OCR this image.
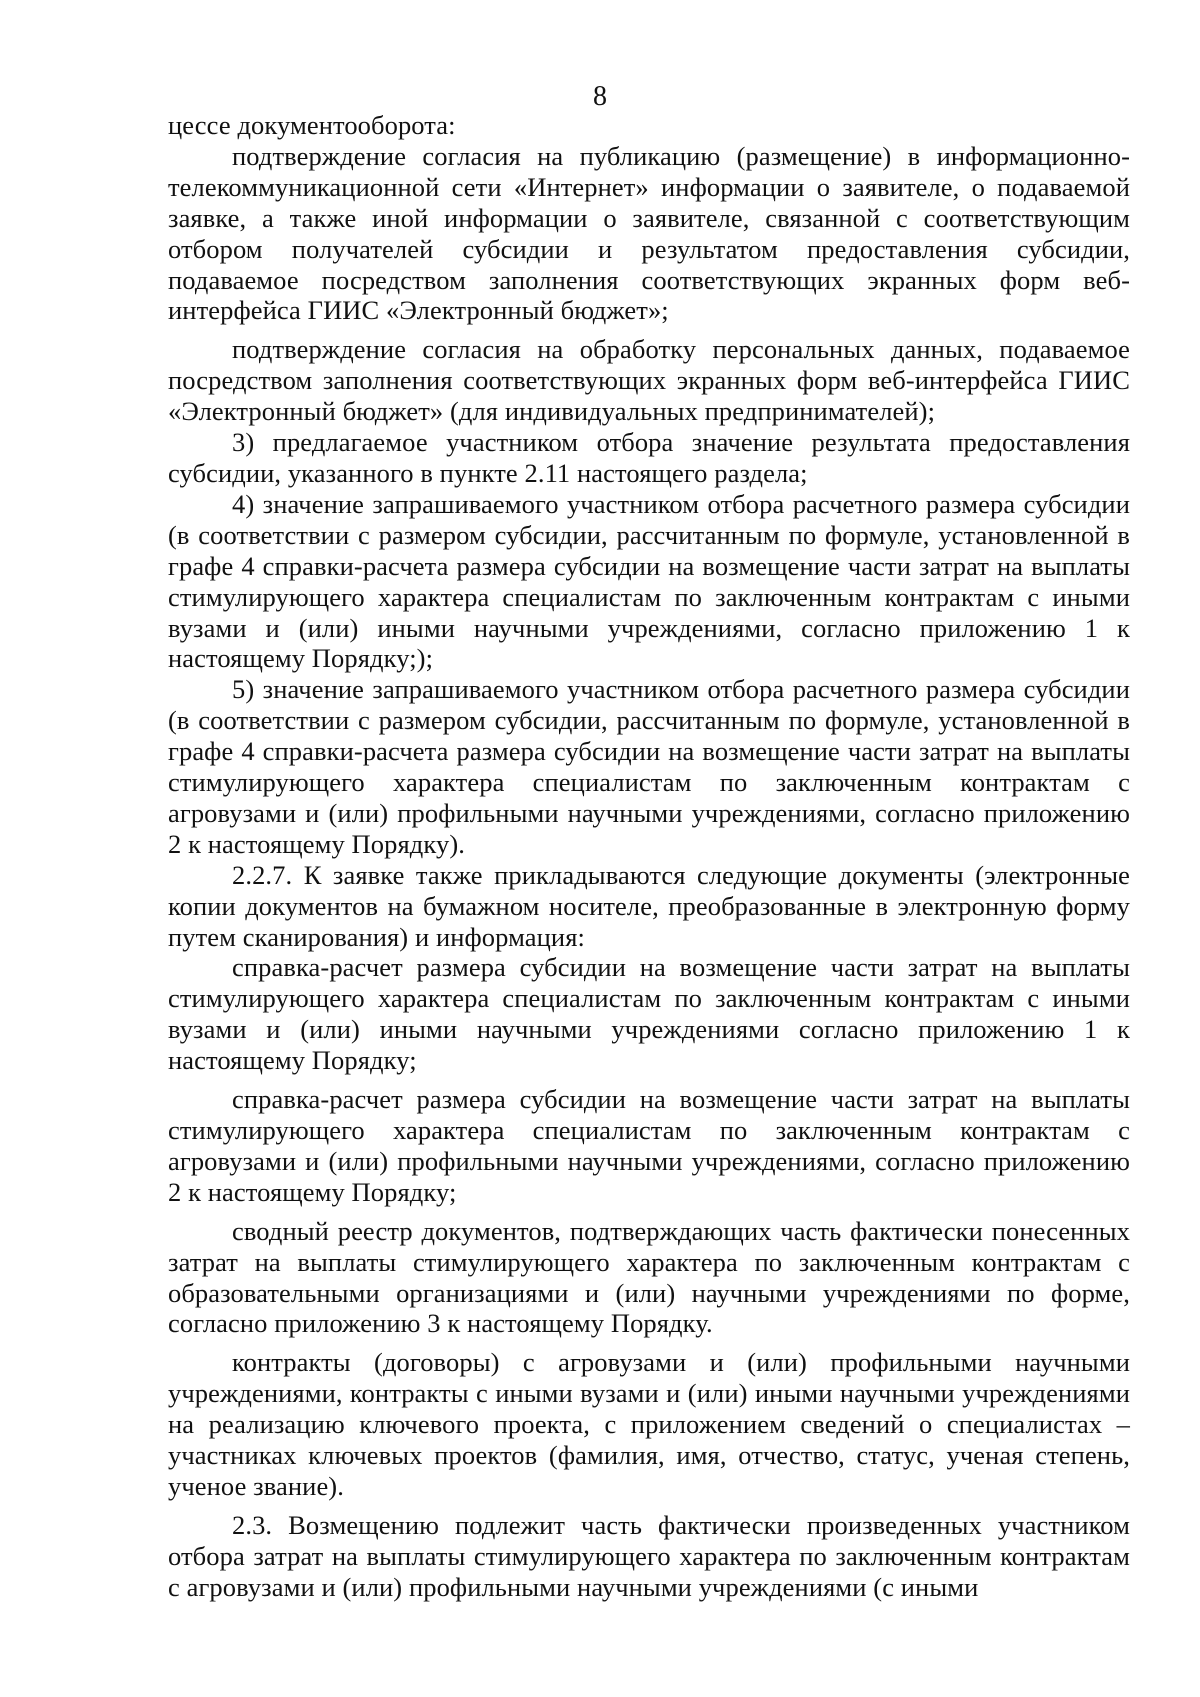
8

цессе документооборота:

подтверждение согласия на публикацию (размещение) в информационно-телекоммуникационной сети «Интернет» информации о заявителе, о подаваемой заявке, а также иной информации о заявителе, связанной с соответствующим отбором получателей субсидии и результатом предоставления субсидии, подаваемое посредством заполнения соответствующих экранных форм веб-интерфейса ГИИС «Электронный бюджет»;

подтверждение согласия на обработку персональных данных, подаваемое посредством заполнения соответствующих экранных форм веб-интерфейса ГИИС «Электронный бюджет» (для индивидуальных предпринимателей);

3) предлагаемое участником отбора значение результата предоставления субсидии, указанного в пункте 2.11 настоящего раздела;

4) значение запрашиваемого участником отбора расчетного размера субсидии (в соответствии с размером субсидии, рассчитанным по формуле, установленной в графе 4 справки-расчета размера субсидии на возмещение части затрат на выплаты стимулирующего характера специалистам по заключенным контрактам с иными вузами и (или) иными научными учреждениями, согласно приложению 1 к настоящему Порядку;);

5) значение запрашиваемого участником отбора расчетного размера субсидии (в соответствии с размером субсидии, рассчитанным по формуле, установленной в графе 4 справки-расчета размера субсидии на возмещение части затрат на выплаты стимулирующего характера специалистам по заключенным контрактам с агровузами и (или) профильными научными учреждениями, согласно приложению 2 к настоящему Порядку).

2.2.7. К заявке также прикладываются следующие документы (электронные копии документов на бумажном носителе, преобразованные в электронную форму путем сканирования) и информация:

справка-расчет размера субсидии на возмещение части затрат на выплаты стимулирующего характера специалистам по заключенным контрактам с иными вузами и (или) иными научными учреждениями согласно приложению 1 к настоящему Порядку;

справка-расчет размера субсидии на возмещение части затрат на выплаты стимулирующего характера специалистам по заключенным контрактам с агровузами и (или) профильными научными учреждениями, согласно приложению 2 к настоящему Порядку;

сводный реестр документов, подтверждающих часть фактически понесенных затрат на выплаты стимулирующего характера по заключенным контрактам с образовательными организациями и (или) научными учреждениями по форме, согласно приложению 3 к настоящему Порядку.

контракты (договоры) с агровузами и (или) профильными научными учреждениями, контракты с иными вузами и (или) иными научными учреждениями на реализацию ключевого проекта, с приложением сведений о специалистах – участниках ключевых проектов (фамилия, имя, отчество, статус, ученая степень, ученое звание).

2.3. Возмещению подлежит часть фактически произведенных участником отбора затрат на выплаты стимулирующего характера по заключенным контрактам с агровузами и (или) профильными научными учреждениями (с иными
